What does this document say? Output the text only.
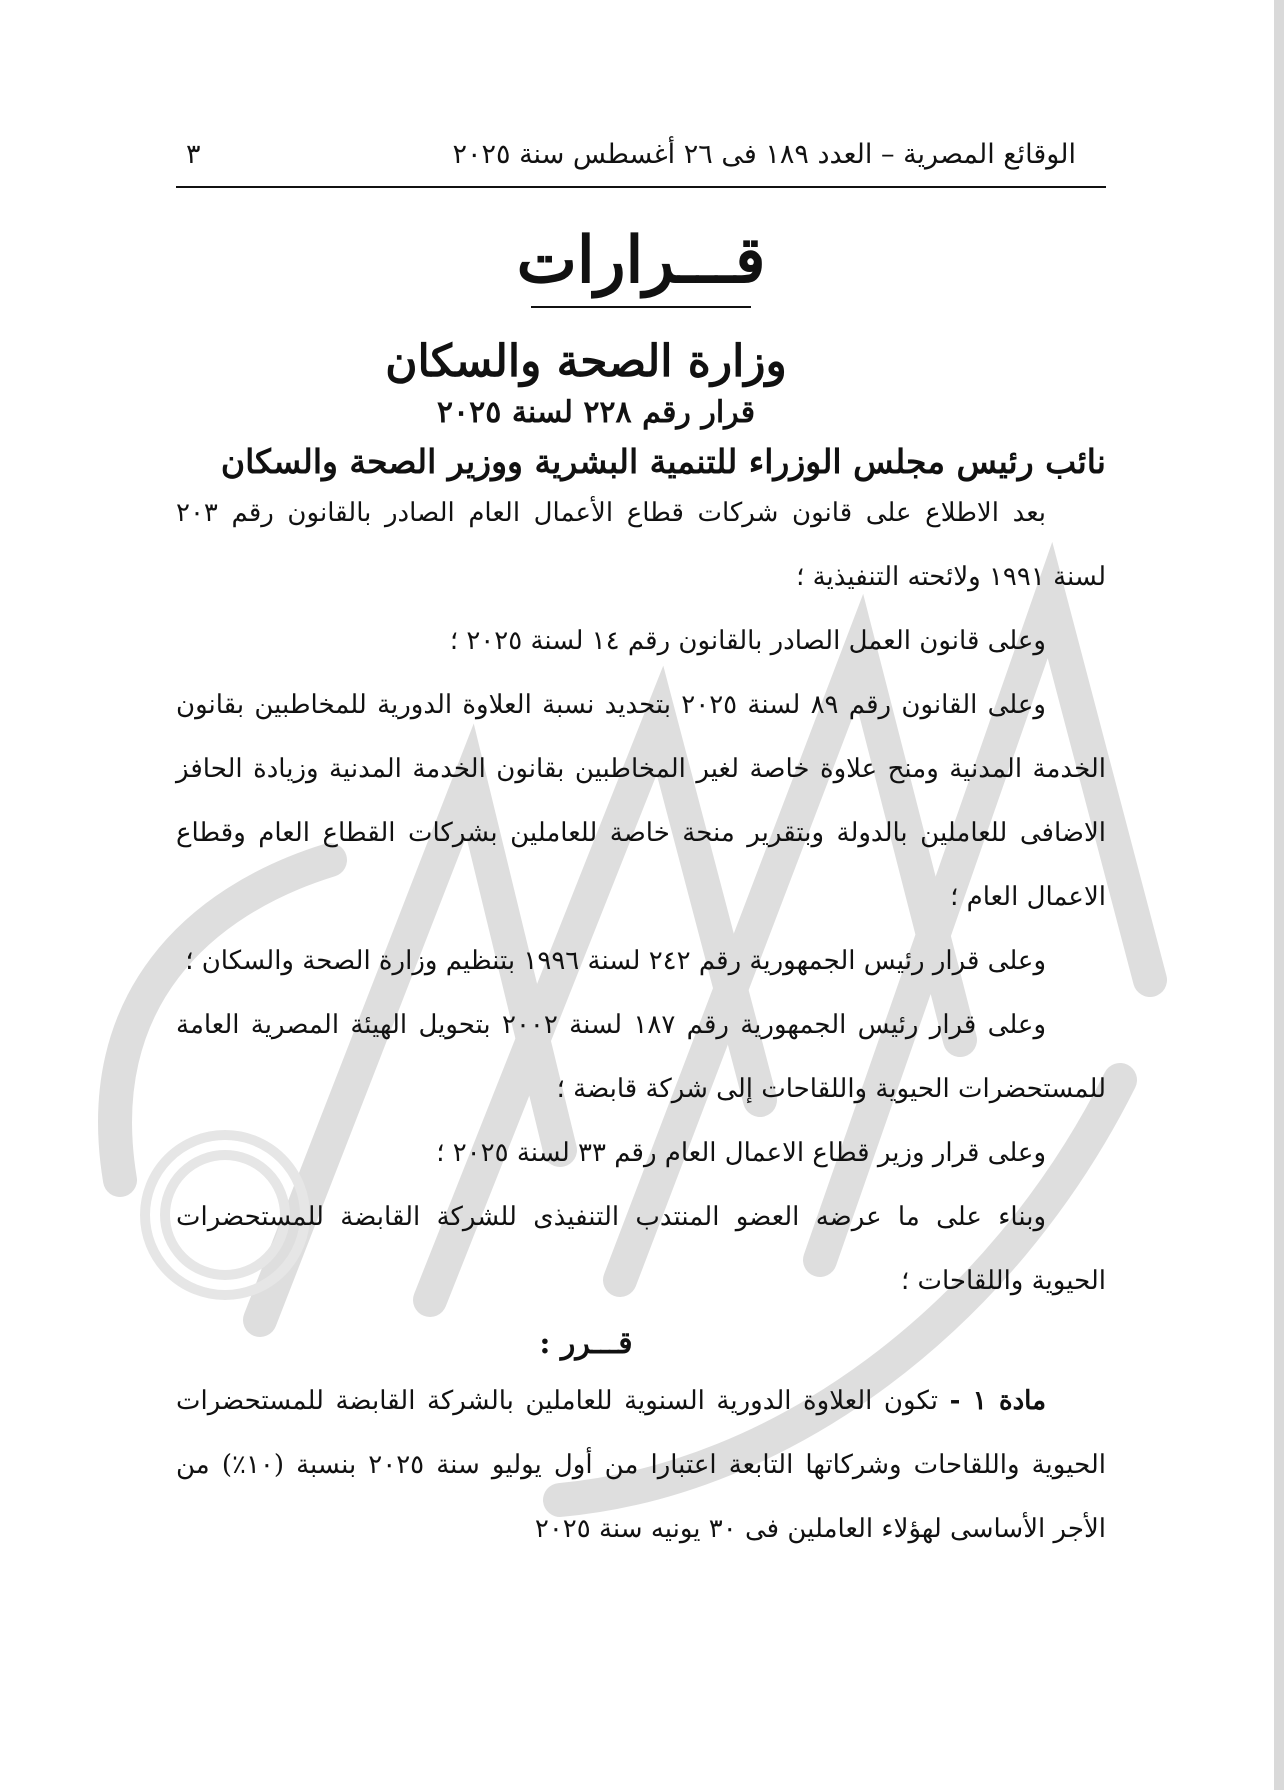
الوقائع المصرية – العدد ١٨٩ فى ٢٦ أغسطس سنة ٢٠٢٥
٣
قـــرارات
وزارة الصحة والسكان
قرار رقم ٢٢٨ لسنة ٢٠٢٥
نائب رئيس مجلس الوزراء للتنمية البشرية ووزير الصحة والسكان

بعد الاطلاع على قانون شركات قطاع الأعمال العام الصادر بالقانون رقم ٢٠٣ لسنة ١٩٩١ ولائحته التنفيذية ؛

وعلى قانون العمل الصادر بالقانون رقم ١٤ لسنة ٢٠٢٥ ؛

وعلى القانون رقم ٨٩ لسنة ٢٠٢٥ بتحديد نسبة العلاوة الدورية للمخاطبين بقانون الخدمة المدنية ومنح علاوة خاصة لغير المخاطبين بقانون الخدمة المدنية وزيادة الحافز الاضافى للعاملين بالدولة وبتقرير منحة خاصة للعاملين بشركات القطاع العام وقطاع الاعمال العام ؛

وعلى قرار رئيس الجمهورية رقم ٢٤٢ لسنة ١٩٩٦ بتنظيم وزارة الصحة والسكان ؛

وعلى قرار رئيس الجمهورية رقم ١٨٧ لسنة ٢٠٠٢ بتحويل الهيئة المصرية العامة للمستحضرات الحيوية واللقاحات إلى شركة قابضة ؛

وعلى قرار وزير قطاع الاعمال العام رقم ٣٣ لسنة ٢٠٢٥ ؛

وبناء على ما عرضه العضو المنتدب التنفيذى للشركة القابضة للمستحضرات الحيوية واللقاحات ؛

قـــرر :

مادة ١ - تكون العلاوة الدورية السنوية للعاملين بالشركة القابضة للمستحضرات الحيوية واللقاحات وشركاتها التابعة اعتبارا من أول يوليو سنة ٢٠٢٥ بنسبة (١٠٪) من الأجر الأساسى لهؤلاء العاملين فى ٣٠ يونيه سنة ٢٠٢٥
